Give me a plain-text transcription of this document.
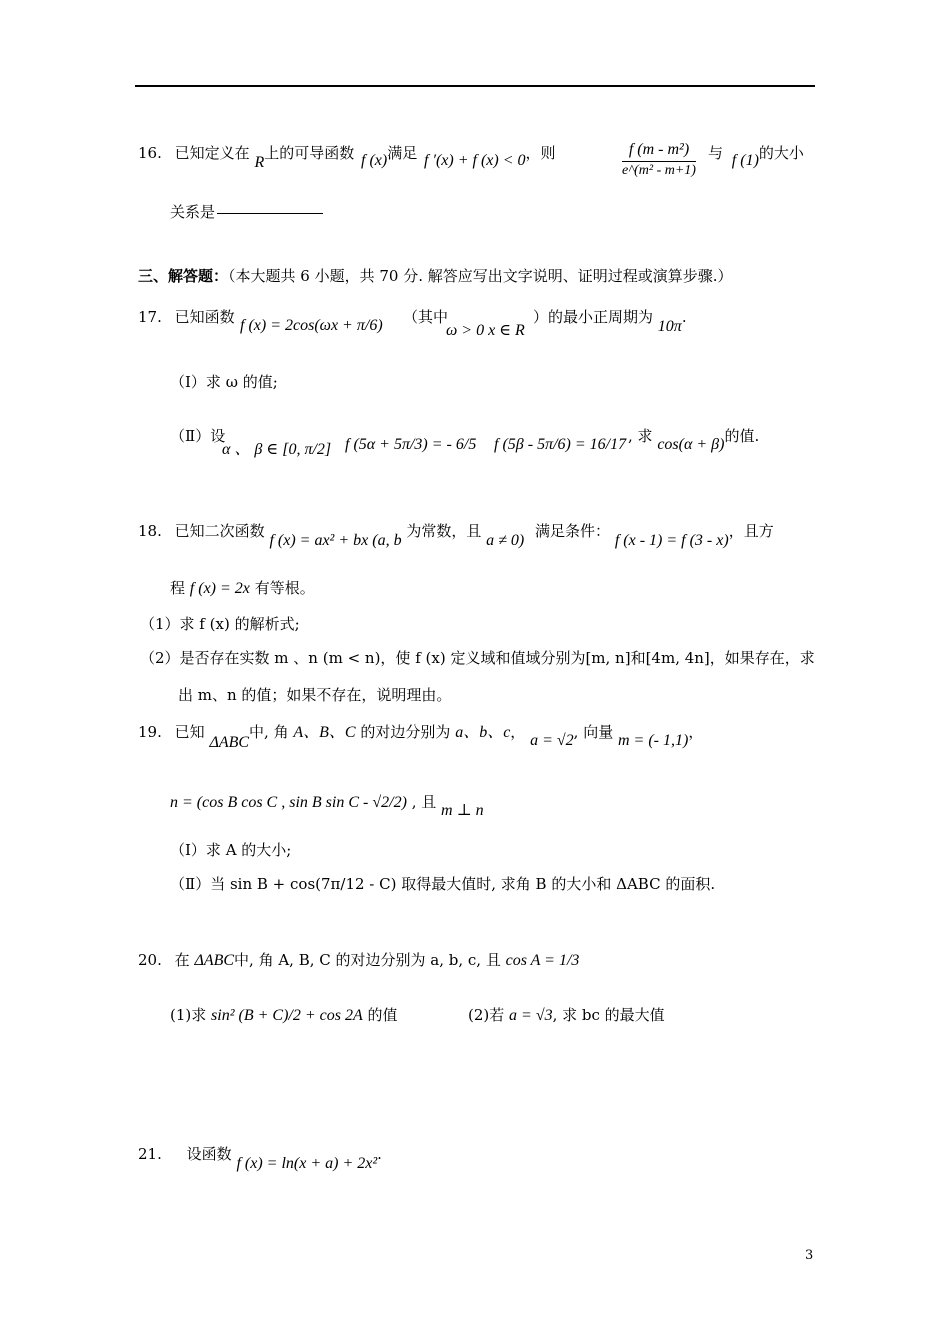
16. 已知定义在 R上的可导函数 f (x)满足 f ′(x) + f (x) < 0，则	$\frac{\text{f (m - m²)}}{\text{e\textasciicircum{}(m² - m+1)}}$ 与 f (1)的大小
关系是
三、解答题：（本大题共 6 小题，共 70 分. 解答应写出文字说明、证明过程或演算步骤.）
17. 已知函数 f (x) = 2cos(ωx + π/6) （其中
ω > 0 x ∈ R
）的最小正周期为 10π.
（Ⅰ）求 ω 的值;
（Ⅱ）设
α 、 β ∈ [0, π/2] f (5α + 5π/3) = - 6/5 f (5β - 5π/6) = 16/17 , 求 cos(α + β)的值.
18. 已知二次函数 f (x) = ax² + bx (a, b 为常数，且 a ≠ 0) 满足条件： f (x - 1) = f (3 - x)，且方
程 f (x) = 2x 有等根。
（1）求 f (x) 的解析式;
（2）是否存在实数 m 、n (m < n)，使 f (x) 定义域和值域分别为[m, n]和[4m, 4n]，如果存在，求
出 m、n 的值；如果不存在，说明理由。
19. 已知 ΔABC中, 角 A、B、C 的对边分别为 a、b、c， a = √2, 向量 m = (- 1,1)，
n = (cos B cos C , sin B sin C - √2/2) , 且 m ⊥ n
（Ⅰ）求 A 的大小;
（Ⅱ）当 sin B + cos(7π/12 - C) 取得最大值时, 求角 B 的大小和 ΔABC 的面积.
20. 在 ΔABC中, 角 A, B, C 的对边分别为 a, b, c, 且 cos A = 1/3
(1)求 sin² (B + C)/2 + cos 2A 的值	(2)若 a = √3, 求 bc 的最大值
21. 设函数 f (x) = ln(x + a) + 2x².
3
